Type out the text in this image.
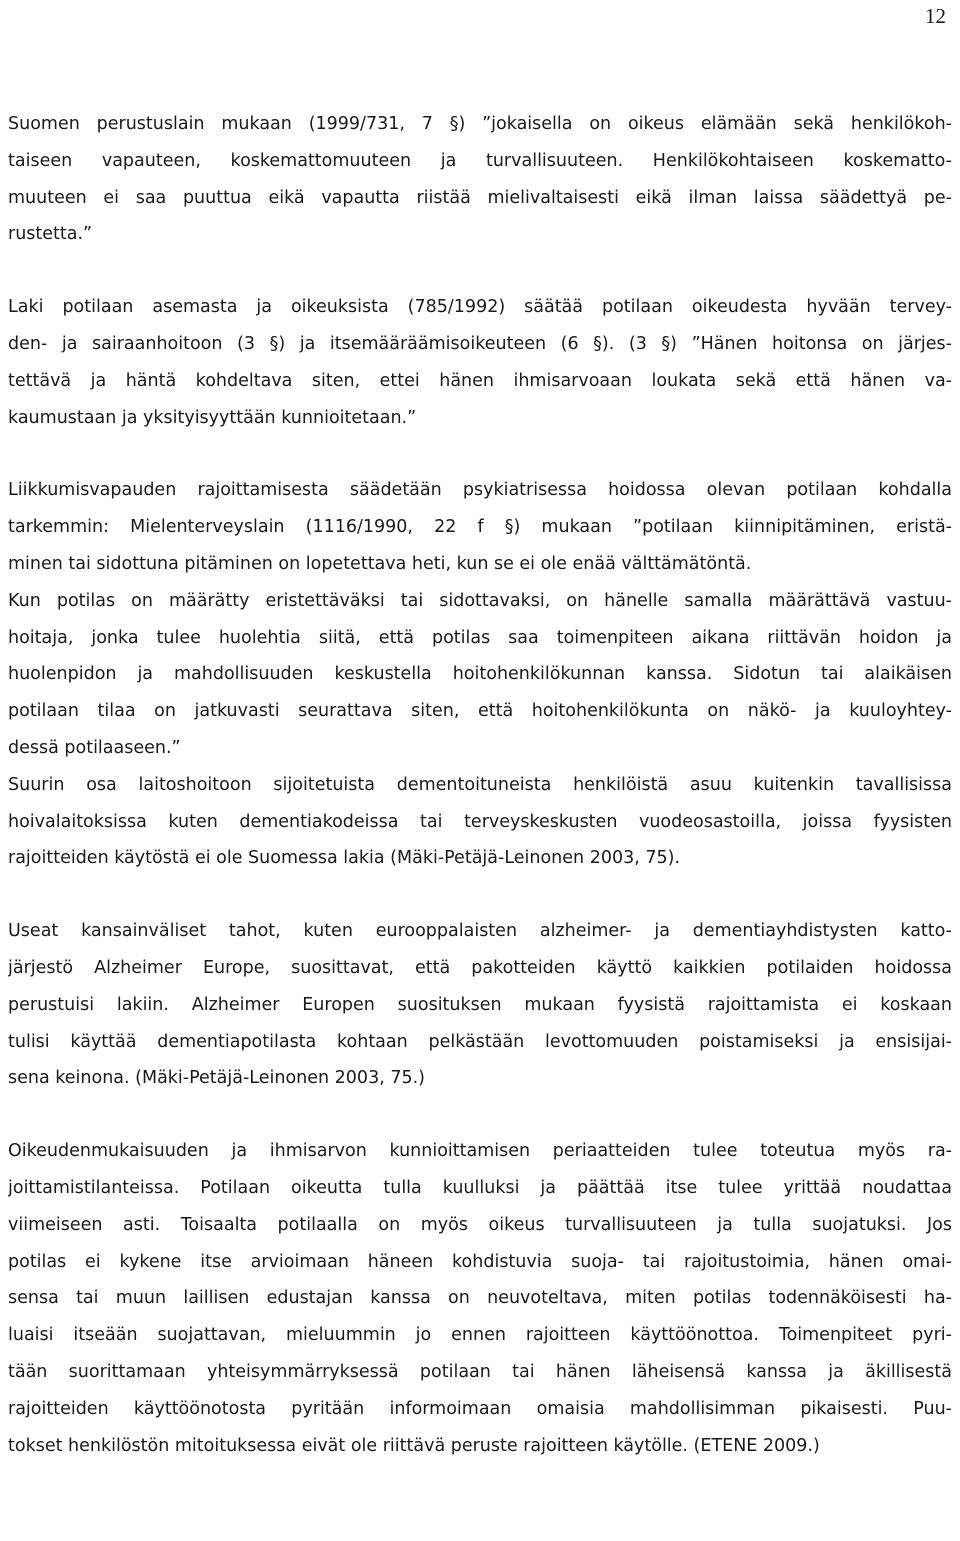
12
Suomen perustuslain mukaan (1999/731, 7 §) ”jokaisella on oikeus elämään sekä henkilökoh-
taiseen vapauteen, koskemattomuuteen ja turvallisuuteen. Henkilökohtaiseen koskematto-
muuteen ei saa puuttua eikä vapautta riistää mielivaltaisesti eikä ilman laissa säädettyä pe-
rustetta.”
Laki potilaan asemasta ja oikeuksista (785/1992) säätää potilaan oikeudesta hyvään tervey-
den- ja sairaanhoitoon (3 §) ja itsemääräämisoikeuteen (6 §). (3 §) ”Hänen hoitonsa on järjes-
tettävä ja häntä kohdeltava siten, ettei hänen ihmisarvoaan loukata sekä että hänen va-
kaumustaan ja yksityisyyttään kunnioitetaan.”
Liikkumisvapauden rajoittamisesta säädetään psykiatrisessa hoidossa olevan potilaan kohdalla
tarkemmin: Mielenterveyslain (1116/1990, 22 f §) mukaan ”potilaan kiinnipitäminen, eristä-
minen tai sidottuna pitäminen on lopetettava heti, kun se ei ole enää välttämätöntä.
Kun potilas on määrätty eristettäväksi tai sidottavaksi, on hänelle samalla määrättävä vastuu-
hoitaja, jonka tulee huolehtia siitä, että potilas saa toimenpiteen aikana riittävän hoidon ja
huolenpidon ja mahdollisuuden keskustella hoitohenkilökunnan kanssa. Sidotun tai alaikäisen
potilaan tilaa on jatkuvasti seurattava siten, että hoitohenkilökunta on näkö- ja kuuloyhtey-
dessä potilaaseen.”
Suurin osa laitoshoitoon sijoitetuista dementoituneista henkilöistä asuu kuitenkin tavallisissa
hoivalaitoksissa kuten dementiakodeissa tai terveyskeskusten vuodeosastoilla, joissa fyysisten
rajoitteiden käytöstä ei ole Suomessa lakia (Mäki-Petäjä-Leinonen 2003, 75).
Useat kansainväliset tahot, kuten eurooppalaisten alzheimer- ja dementiayhdistysten katto-
järjestö Alzheimer Europe, suosittavat, että pakotteiden käyttö kaikkien potilaiden hoidossa
perustuisi lakiin. Alzheimer Europen suosituksen mukaan fyysistä rajoittamista ei koskaan
tulisi käyttää dementiapotilasta kohtaan pelkästään levottomuuden poistamiseksi ja ensisijai-
sena keinona. (Mäki-Petäjä-Leinonen 2003, 75.)
Oikeudenmukaisuuden ja ihmisarvon kunnioittamisen periaatteiden tulee toteutua myös ra-
joittamistilanteissa. Potilaan oikeutta tulla kuulluksi ja päättää itse tulee yrittää noudattaa
viimeiseen asti. Toisaalta potilaalla on myös oikeus turvallisuuteen ja tulla suojatuksi. Jos
potilas ei kykene itse arvioimaan häneen kohdistuvia suoja- tai rajoitustoimia, hänen omai-
sensa tai muun laillisen edustajan kanssa on neuvoteltava, miten potilas todennäköisesti ha-
luaisi itseään suojattavan, mieluummin jo ennen rajoitteen käyttöönottoa. Toimenpiteet pyri-
tään suorittamaan yhteisymmärryksessä potilaan tai hänen läheisensä kanssa ja äkillisestä
rajoitteiden käyttöönotosta pyritään informoimaan omaisia mahdollisimman pikaisesti. Puu-
tokset henkilöstön mitoituksessa eivät ole riittävä peruste rajoitteen käytölle. (ETENE 2009.)
